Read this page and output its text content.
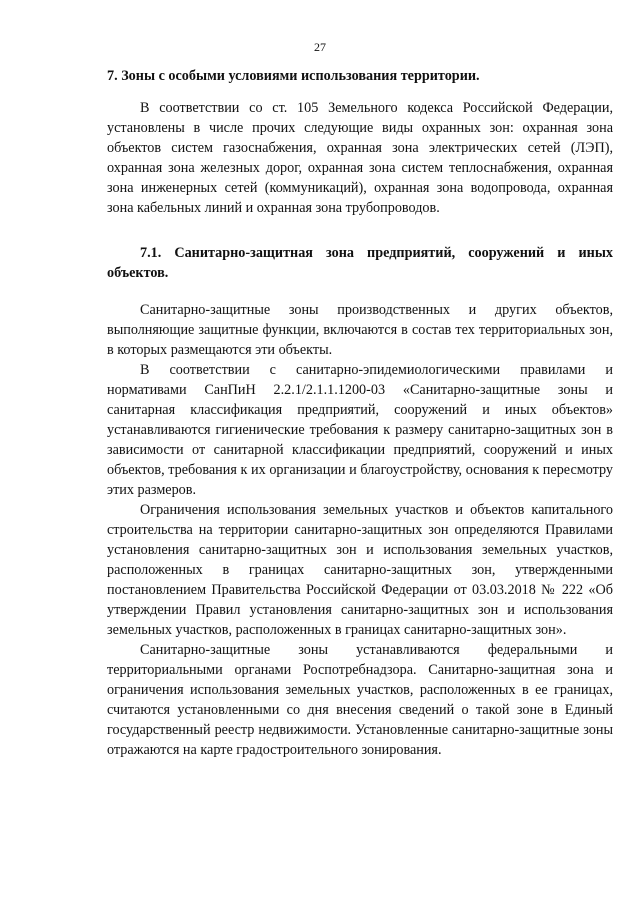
27

7. Зоны с особыми условиями использования территории.

В соответствии со ст. 105 Земельного кодекса Российской Федерации, установлены в числе прочих следующие виды охранных зон: охранная зона объектов систем газоснабжения, охранная зона электрических сетей (ЛЭП), охранная зона железных дорог, охранная зона систем теплоснабжения, охранная зона инженерных сетей (коммуникаций), охранная зона водопровода, охранная зона кабельных линий и охранная зона трубопроводов.

7.1. Санитарно-защитная зона предприятий, сооружений и иных объектов.

Санитарно-защитные зоны производственных и других объектов, выполняющие защитные функции, включаются в состав тех территориальных зон, в которых размещаются эти объекты.

В соответствии с санитарно-эпидемиологическими правилами и нормативами СанПиН 2.2.1/2.1.1.1200-03 «Санитарно-защитные зоны и санитарная классификация предприятий, сооружений и иных объектов» устанавливаются гигиенические требования к размеру санитарно-защитных зон в зависимости от санитарной классификации предприятий, сооружений и иных объектов, требования к их организации и благоустройству, основания к пересмотру этих размеров.

Ограничения использования земельных участков и объектов капитального строительства на территории санитарно-защитных зон определяются Правилами установления санитарно-защитных зон и использования земельных участков, расположенных в границах санитарно-защитных зон, утвержденными постановлением Правительства Российской Федерации от 03.03.2018 № 222 «Об утверждении Правил установления санитарно-защитных зон и использования земельных участков, расположенных в границах санитарно-защитных зон».

Санитарно-защитные зоны устанавливаются федеральными и территориальными органами Роспотребнадзора. Санитарно-защитная зона и ограничения использования земельных участков, расположенных в ее границах, считаются установленными со дня внесения сведений о такой зоне в Единый государственный реестр недвижимости. Установленные санитарно-защитные зоны отражаются на карте градостроительного зонирования.
